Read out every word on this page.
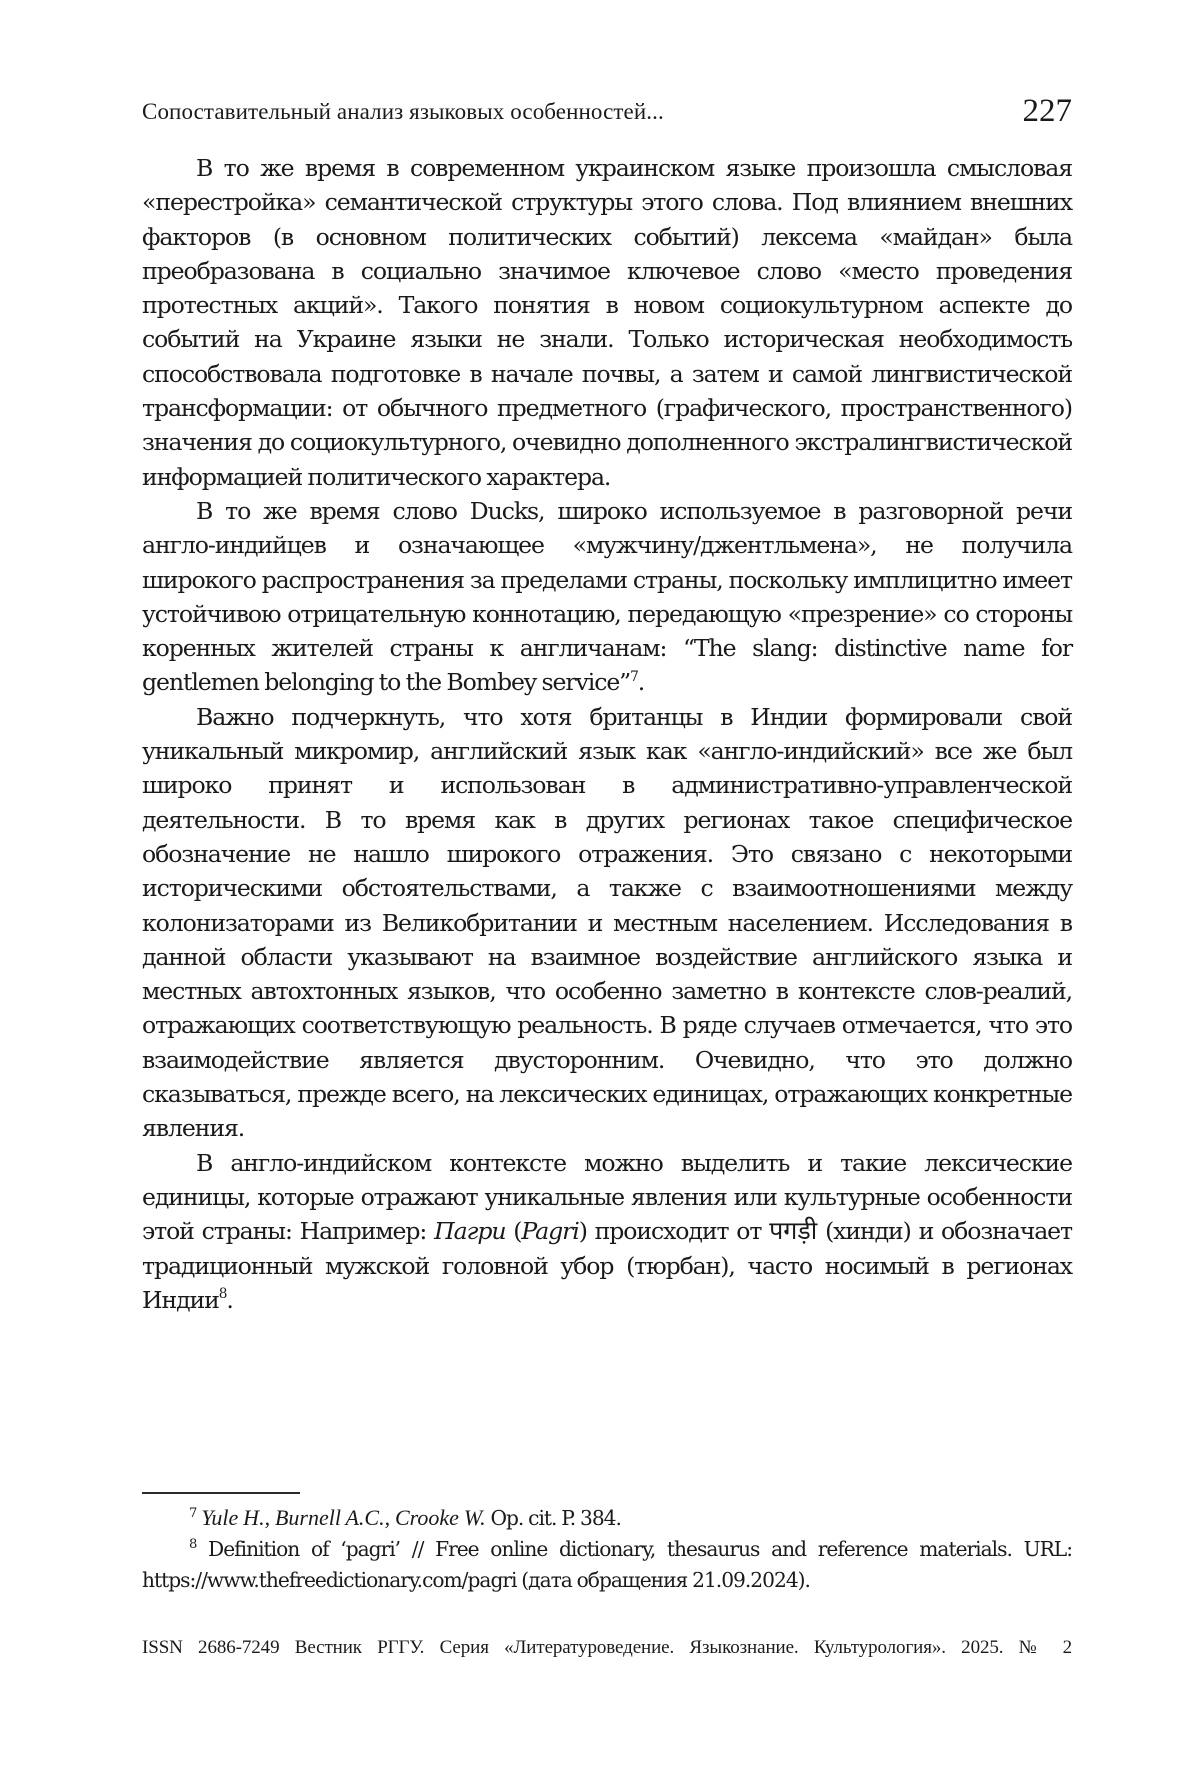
Сопоставительный анализ языковых особенностей...	227

В то же время в современном украинском языке произошла смысловая «перестройка» семантической структуры этого слова. Под влиянием внешних факторов (в основном политических событий) лексема «майдан» была преобразована в социально значимое ключевое слово «место проведения протестных акций». Такого понятия в новом социокультурном аспекте до событий на Украине языки не знали. Только историческая необходимость способствовала подготовке в начале почвы, а затем и самой лингвистической трансформации: от обычного предметного (графического, пространственного) значения до социокультурного, очевидно дополненного экстралингвистической информацией политического характера.

В то же время слово Ducks, широко используемое в разговорной речи англо-индийцев и означающее «мужчину/джентльмена», не получила широкого распространения за пределами страны, поскольку имплицитно имеет устойчивою отрицательную коннотацию, передающую «презрение» со стороны коренных жителей страны к англичанам: “The slang: distinctive name for gentlemen belonging to the Bombey service”7.

Важно подчеркнуть, что хотя британцы в Индии формировали свой уникальный микромир, английский язык как «англо-индийский» все же был широко принят и использован в административно-управленческой деятельности. В то время как в других регионах такое специфическое обозначение не нашло широкого отражения. Это связано с некоторыми историческими обстоятельствами, а также с взаимоотношениями между колонизаторами из Великобритании и местным населением. Исследования в данной области указывают на взаимное воздействие английского языка и местных автохтонных языков, что особенно заметно в контексте слов-реалий, отражающих соответствующую реальность. В ряде случаев отмечается, что это взаимодействие является двусторонним. Очевидно, что это должно сказываться, прежде всего, на лексических единицах, отражающих конкретные явления.

В англо-индийском контексте можно выделить и такие лексические единицы, которые отражают уникальные явления или культурные особенности этой страны: Например: Пагри (Pagri) происходит от पगड़ी (хинди) и обозначает традиционный мужской головной убор (тюрбан), часто носимый в регионах Индии8.

7 Yule H., Burnell A.C., Crooke W. Op. cit. P. 384.

8 Definition of ‘pagri’ // Free online dictionary, thesaurus and reference materials. URL: https://www.thefreedictionary.com/pagri (дата обращения 21.09.2024).

ISSN 2686-7249 Вестник РГГУ. Серия «Литературоведение. Языкознание. Культурология». 2025. № 2
